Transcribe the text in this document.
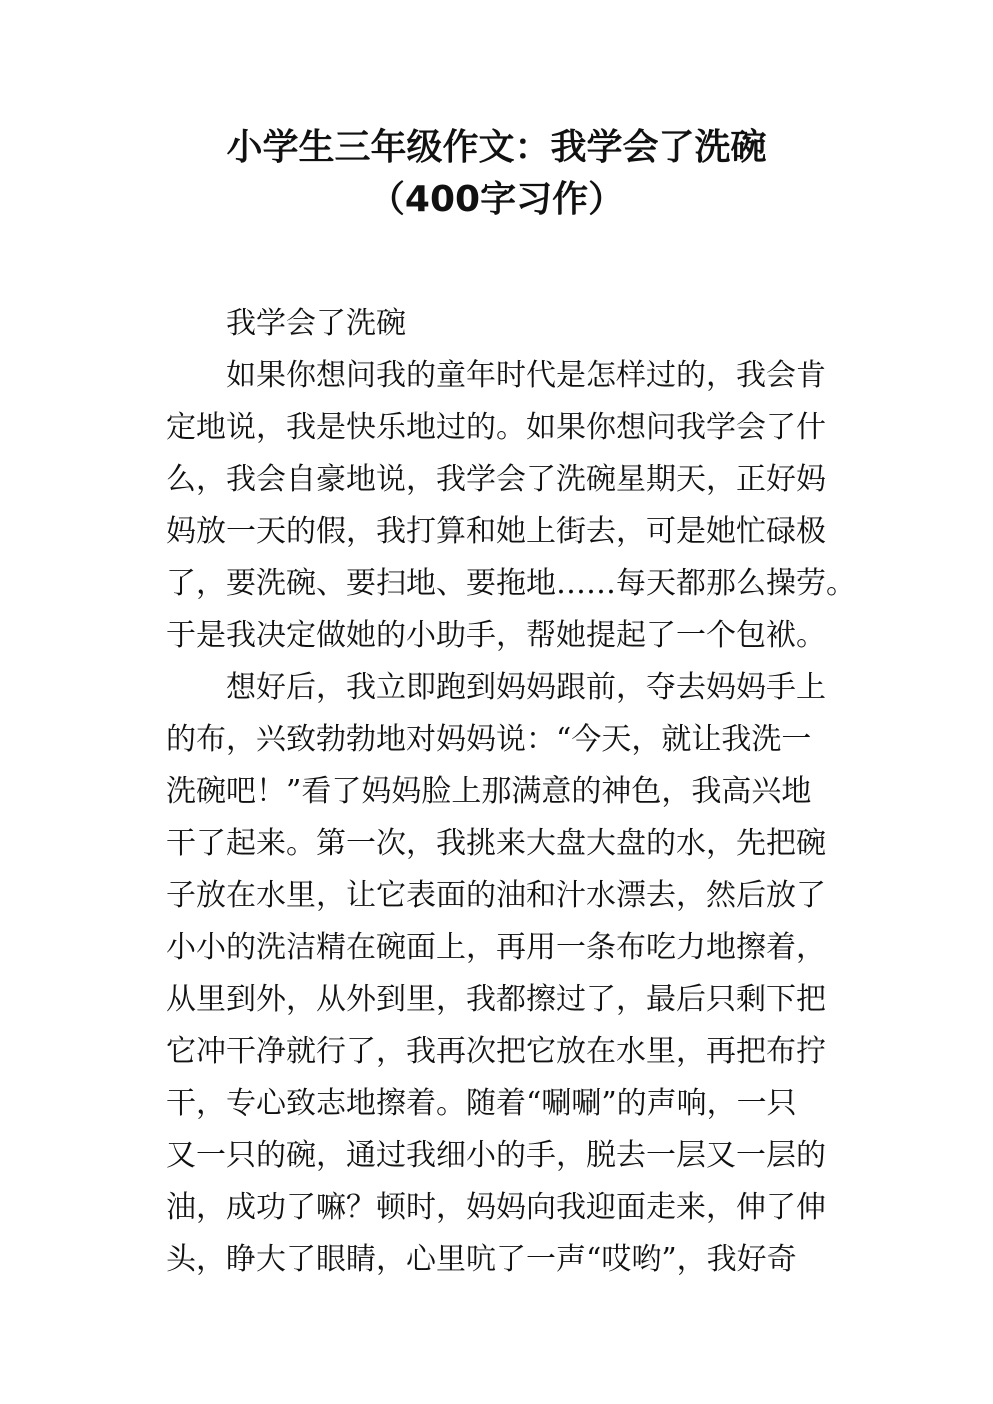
小学生三年级作文：我学会了洗碗
（400字习作）
我学会了洗碗
如果你想问我的童年时代是怎样过的，我会肯
定地说，我是快乐地过的。如果你想问我学会了什
么，我会自豪地说，我学会了洗碗星期天，正好妈
妈放一天的假，我打算和她上街去，可是她忙碌极
了，要洗碗、要扫地、要拖地……每天都那么操劳。
于是我决定做她的小助手，帮她提起了一个包袱。
想好后，我立即跑到妈妈跟前，夺去妈妈手上
的布，兴致勃勃地对妈妈说：“今天，就让我洗一
洗碗吧！”看了妈妈脸上那满意的神色，我高兴地
干了起来。第一次，我挑来大盘大盘的水，先把碗
子放在水里，让它表面的油和汁水漂去，然后放了
小小的洗洁精在碗面上，再用一条布吃力地擦着，
从里到外，从外到里，我都擦过了，最后只剩下把
它冲干净就行了，我再次把它放在水里，再把布拧
干，专心致志地擦着。随着“唰唰”的声响，一只
又一只的碗，通过我细小的手，脱去一层又一层的
油，成功了嘛？顿时，妈妈向我迎面走来，伸了伸
头，睁大了眼睛，心里吭了一声“哎哟”，我好奇
